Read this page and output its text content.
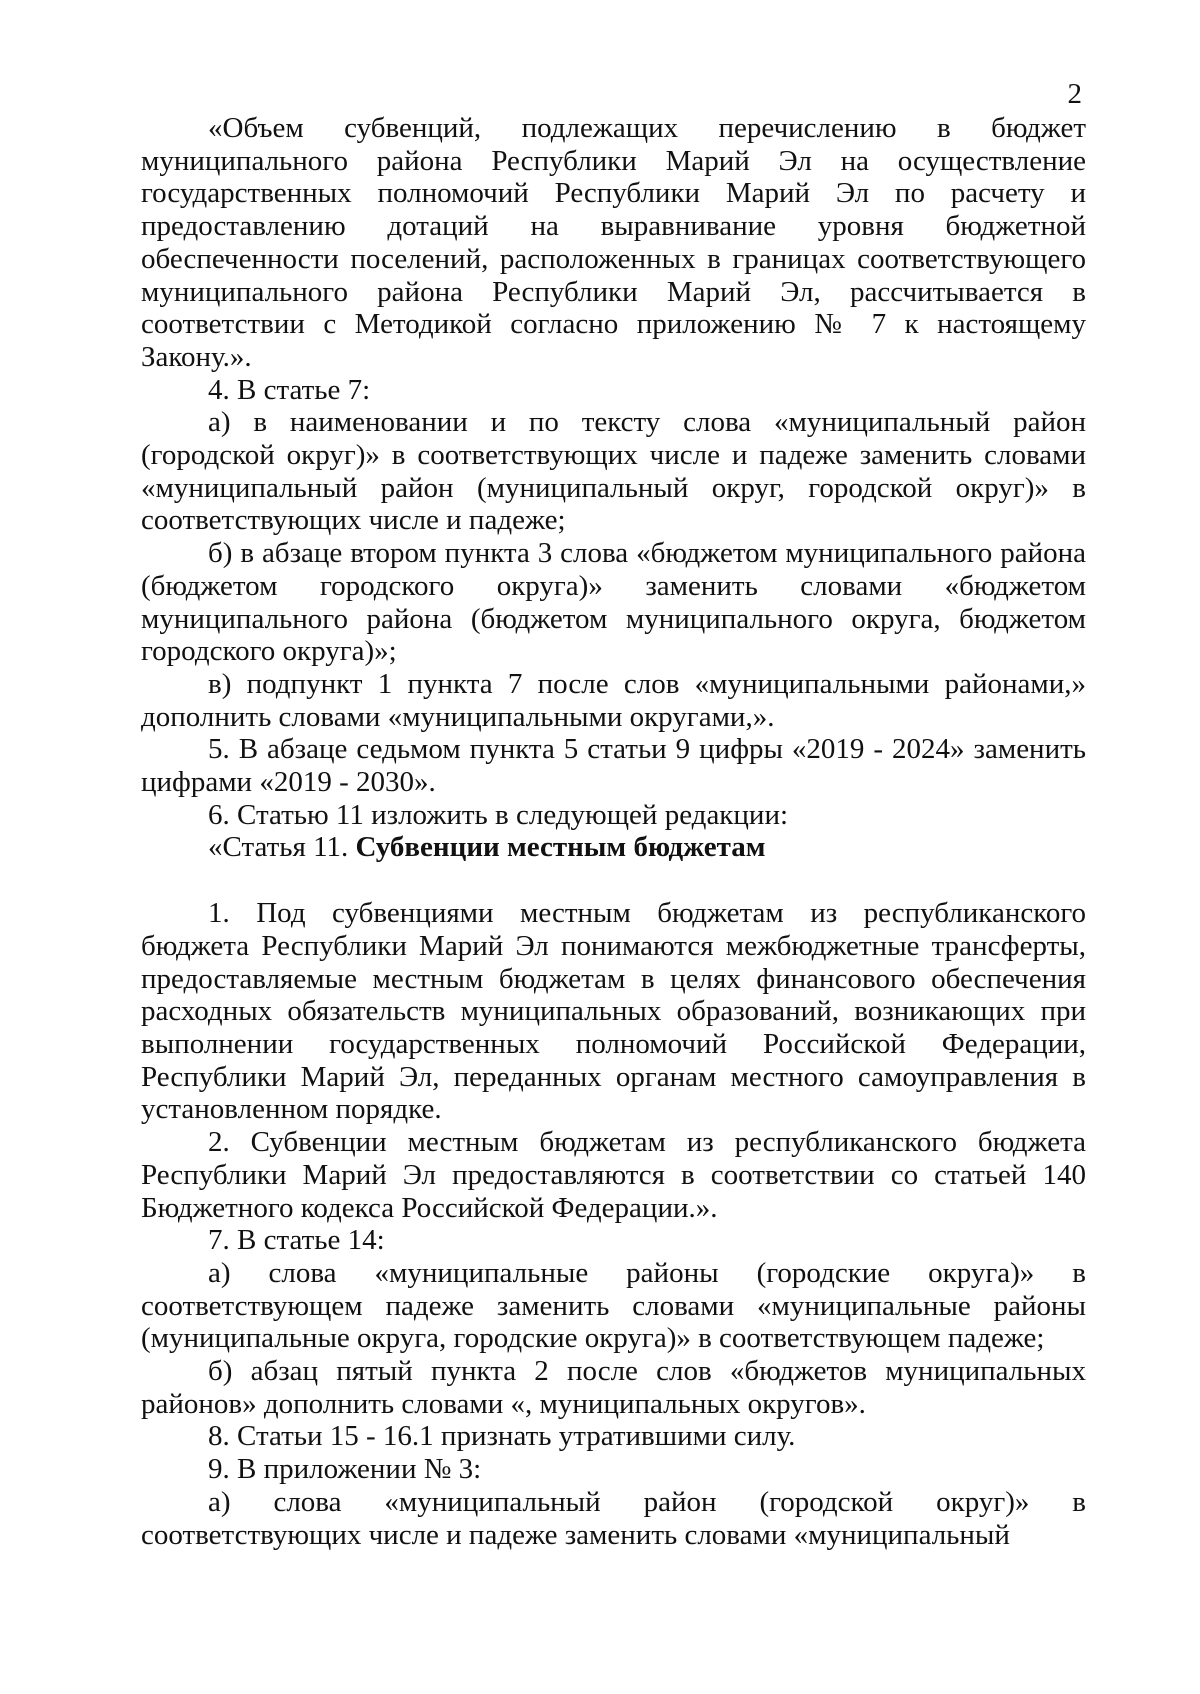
2

«Объем субвенций, подлежащих перечислению в бюджет муниципального района Республики Марий Эл на осуществление государственных полномочий Республики Марий Эл по расчету и предоставлению дотаций на выравнивание уровня бюджетной обеспеченности поселений, расположенных в границах соответствующего муниципального района Республики Марий Эл, рассчитывается в соответствии с Методикой согласно приложению № 7 к настоящему Закону.».

4. В статье 7:

а) в наименовании и по тексту слова «муниципальный район (городской округ)» в соответствующих числе и падеже заменить словами «муниципальный район (муниципальный округ, городской округ)» в соответствующих числе и падеже;

б) в абзаце втором пункта 3 слова «бюджетом муниципального района (бюджетом городского округа)» заменить словами «бюджетом муниципального района (бюджетом муниципального округа, бюджетом городского округа)»;

в) подпункт 1 пункта 7 после слов «муниципальными районами,» дополнить словами «муниципальными округами,».

5. В абзаце седьмом пункта 5 статьи 9 цифры «2019 - 2024» заменить цифрами «2019 - 2030».

6. Статью 11 изложить в следующей редакции:

«Статья 11. Субвенции местным бюджетам

1. Под субвенциями местным бюджетам из республиканского бюджета Республики Марий Эл понимаются межбюджетные трансферты, предоставляемые местным бюджетам в целях финансового обеспечения расходных обязательств муниципальных образований, возникающих при выполнении государственных полномочий Российской Федерации, Республики Марий Эл, переданных органам местного самоуправления в установленном порядке.

2. Субвенции местным бюджетам из республиканского бюджета Республики Марий Эл предоставляются в соответствии со статьей 140 Бюджетного кодекса Российской Федерации.».

7. В статье 14:

а) слова «муниципальные районы (городские округа)» в соответствующем падеже заменить словами «муниципальные районы (муниципальные округа, городские округа)» в соответствующем падеже;

б) абзац пятый пункта 2 после слов «бюджетов муниципальных районов» дополнить словами «, муниципальных округов».

8. Статьи 15 - 16.1 признать утратившими силу.

9. В приложении № 3:

а) слова «муниципальный район (городской округ)» в соответствующих числе и падеже заменить словами «муниципальный
